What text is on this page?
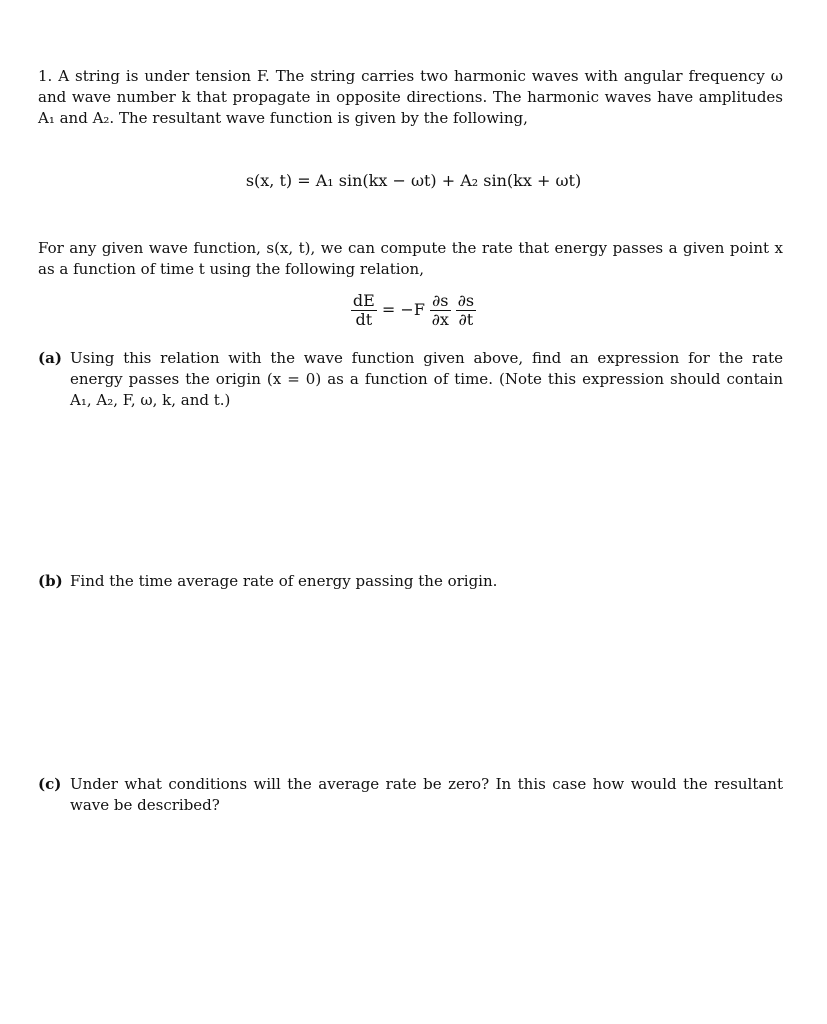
1. A string is under tension F. The string carries two harmonic waves with angular frequency ω and wave number k that propagate in opposite directions. The harmonic waves have amplitudes A₁ and A₂. The resultant wave function is given by the following,
s(x, t) = A₁ sin(kx − ωt) + A₂ sin(kx + ωt)
For any given wave function, s(x, t), we can compute the rate that energy passes a given point x as a function of time t using the following relation,
$\frac{dE}{dt} = -F \frac{\partial s}{\partial x}$
$\frac{\partial s}{\partial t}$
(a) Using this relation with the wave function given above, find an expression for the rate energy passes the origin (x = 0) as a function of time. (Note this expression should contain A₁, A₂, F, ω, k, and t.)
(b) Find the time average rate of energy passing the origin.
(c) Under what conditions will the average rate be zero? In this case how would the resultant wave be described?
